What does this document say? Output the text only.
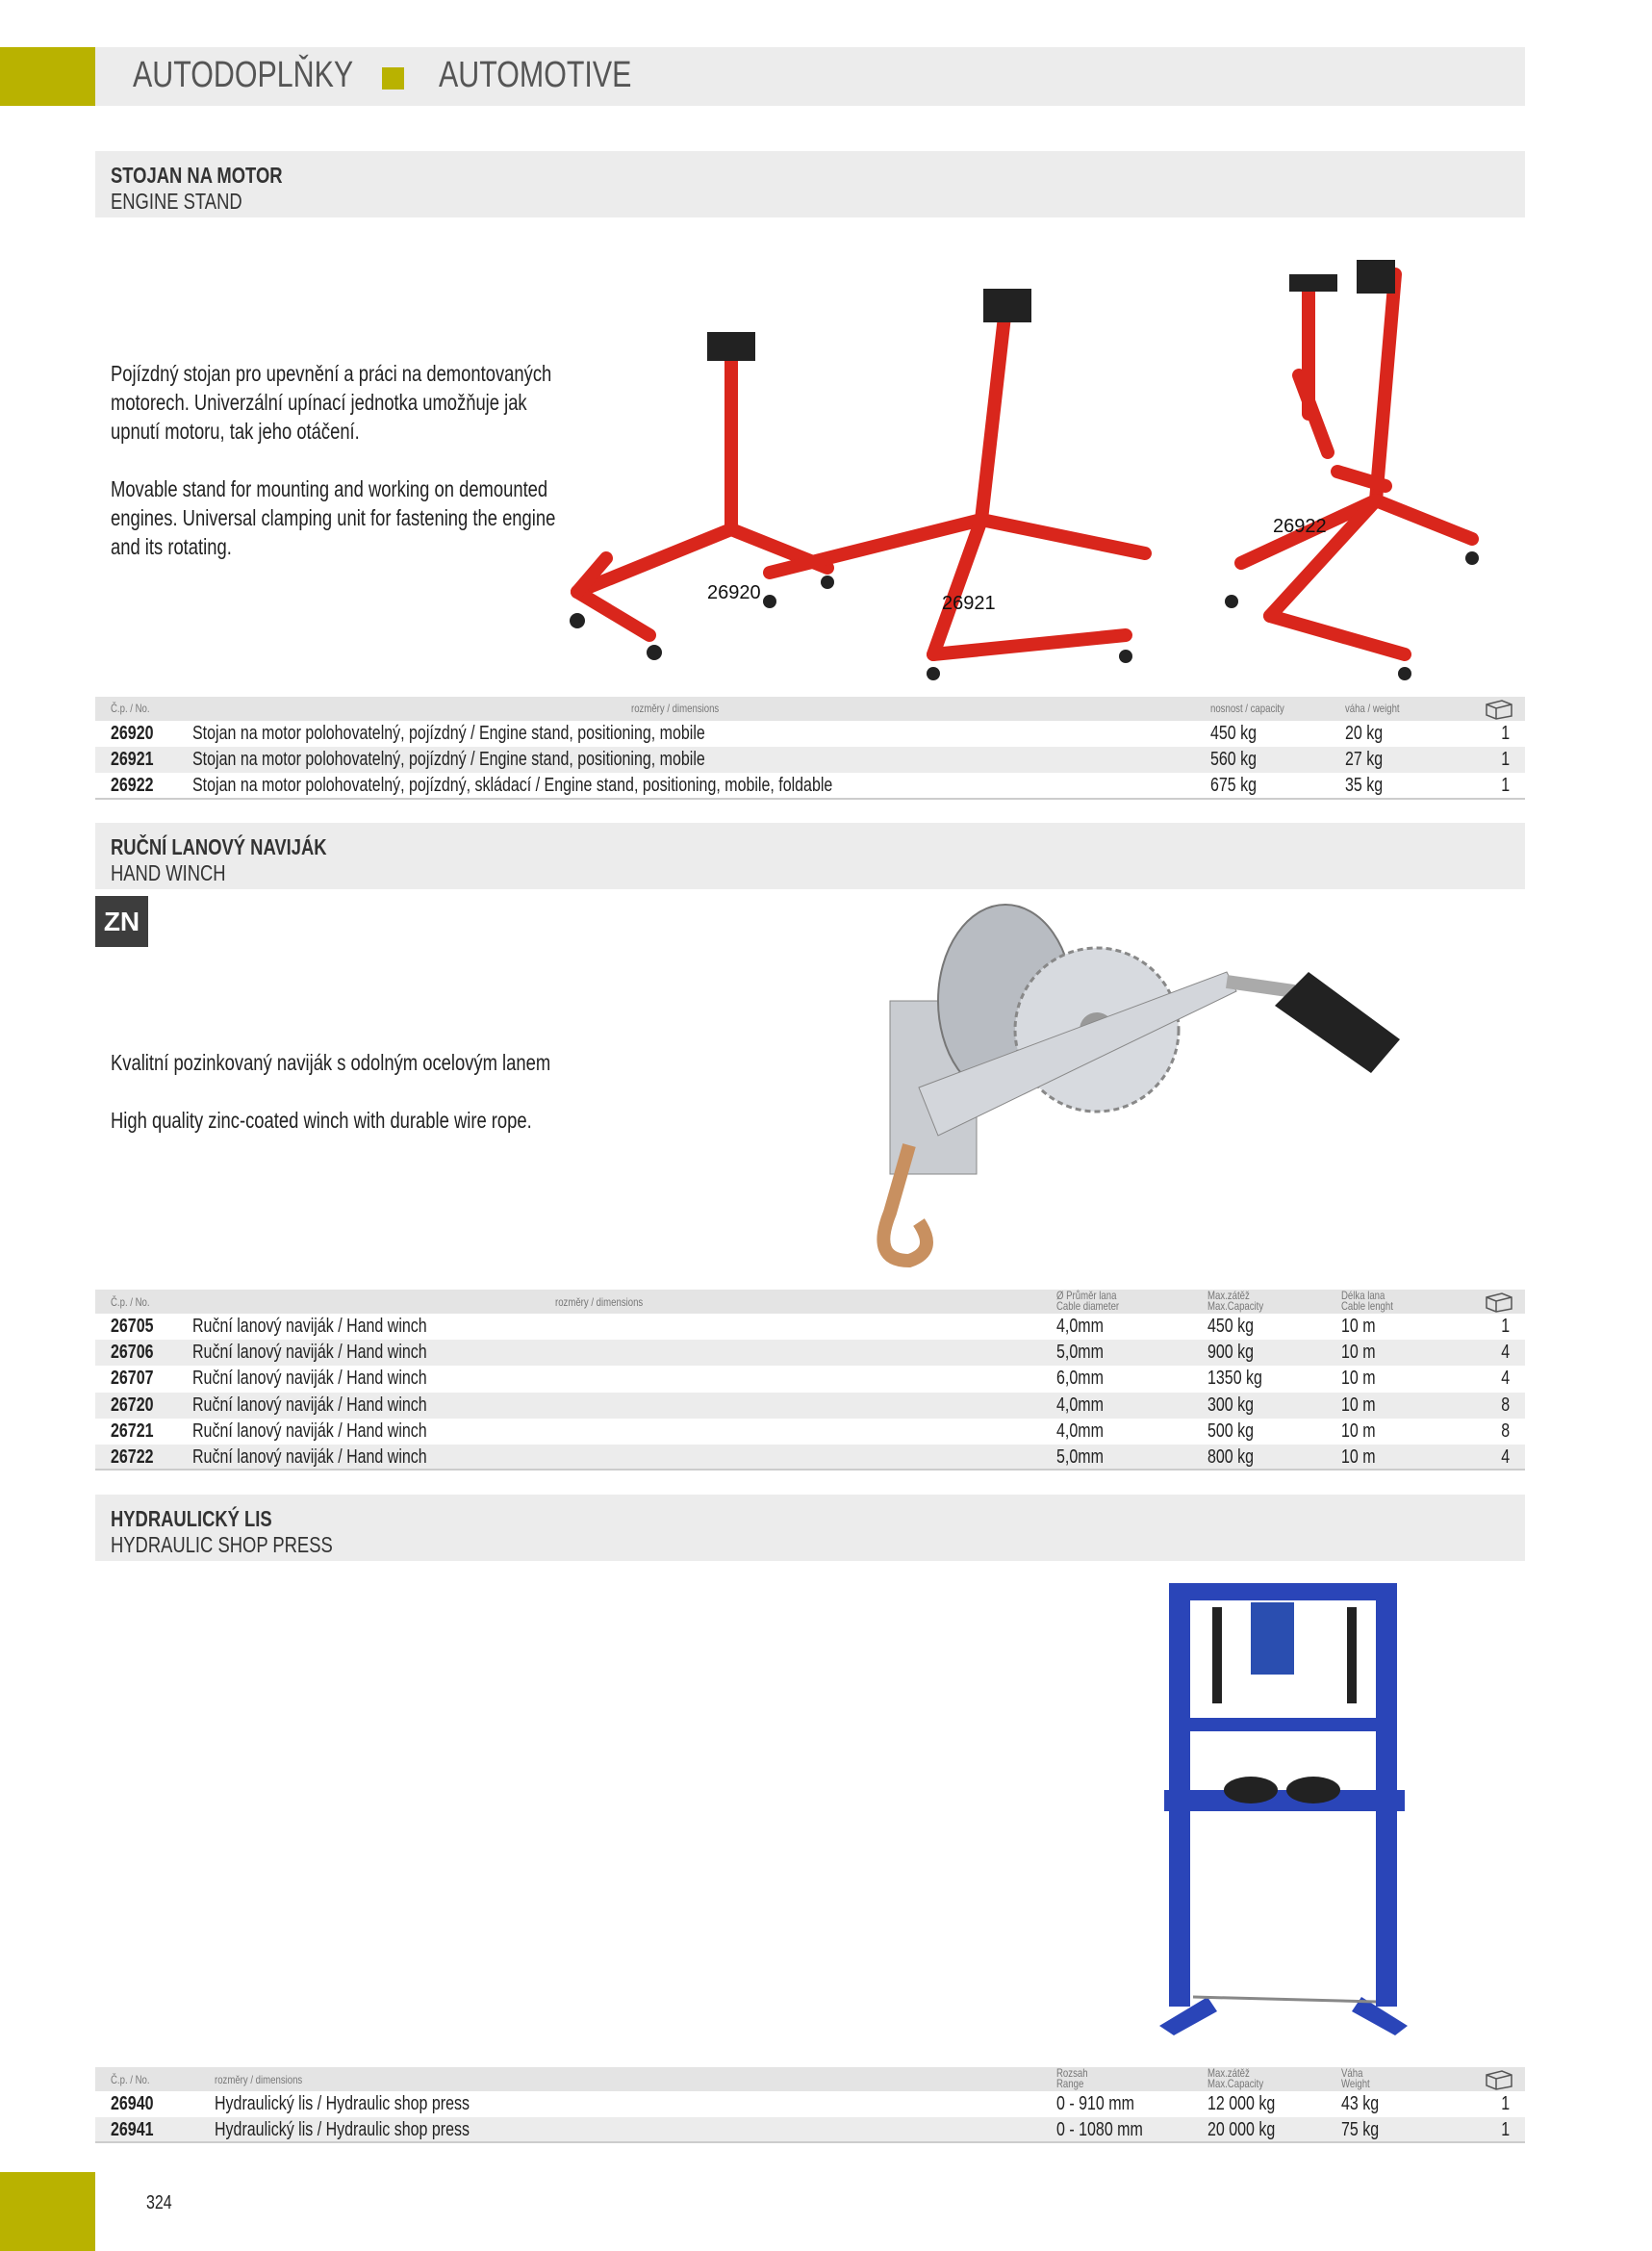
AUTODOPLŇKY AUTOMOTIVE
STOJAN NA MOTOR
ENGINE STAND
Pojízdný stojan pro upevnění a práci na demontovaných
motorech. Univerzální upínací jednotka umožňuje jak
upnutí motoru, tak jeho otáčení.
Movable stand for mounting and working on demounted
engines. Universal clamping unit for fastening the engine
and its rotating.
26920	26921
26922
Č.p. / No.	rozměry / dimensions	nosnost / capacity	váha / weight
26920 Stojan na motor polohovatelný, pojízdný / Engine stand, positioning, mobile	450 kg	20 kg	1
26921 Stojan na motor polohovatelný, pojízdný / Engine stand, positioning, mobile	560 kg	27 kg	1
26922 Stojan na motor polohovatelný, pojízdný, skládací / Engine stand, positioning, mobile, foldable	675 kg	35 kg	1
RUČNÍ LANOVÝ NAVIJÁK
HAND WINCH
ZN
Kvalitní pozinkovaný naviják s odolným ocelovým lanem
High quality zinc-coated winch with durable wire rope.
Č.p. / No.	rozměry / dimensions	Ø Průměr lana
Cable diameter
Max.zátěž
Max.Capacity
Délka lana
Cable lenght
26705 Ruční lanový naviják / Hand winch	4,0mm	450 kg	10 m	1
26706 Ruční lanový naviják / Hand winch	5,0mm	900 kg	10 m	4
26707 Ruční lanový naviják / Hand winch	6,0mm	1350 kg	10 m	4
26720 Ruční lanový naviják / Hand winch	4,0mm	300 kg	10 m	8
26721 Ruční lanový naviják / Hand winch	4,0mm	500 kg	10 m	8
26722 Ruční lanový naviják / Hand winch	5,0mm	800 kg	10 m	4
HYDRAULICKÝ LIS
HYDRAULIC SHOP PRESS
Č.p. / No.	rozměry / dimensions	Rozsah
Range
Max.zátěž
Max.Capacity
Váha
Weight
26940	Hydraulický lis / Hydraulic shop press	0 - 910 mm	12 000 kg	43 kg	1
26941	Hydraulický lis / Hydraulic shop press	0 - 1080 mm	20 000 kg	75 kg	1
324
